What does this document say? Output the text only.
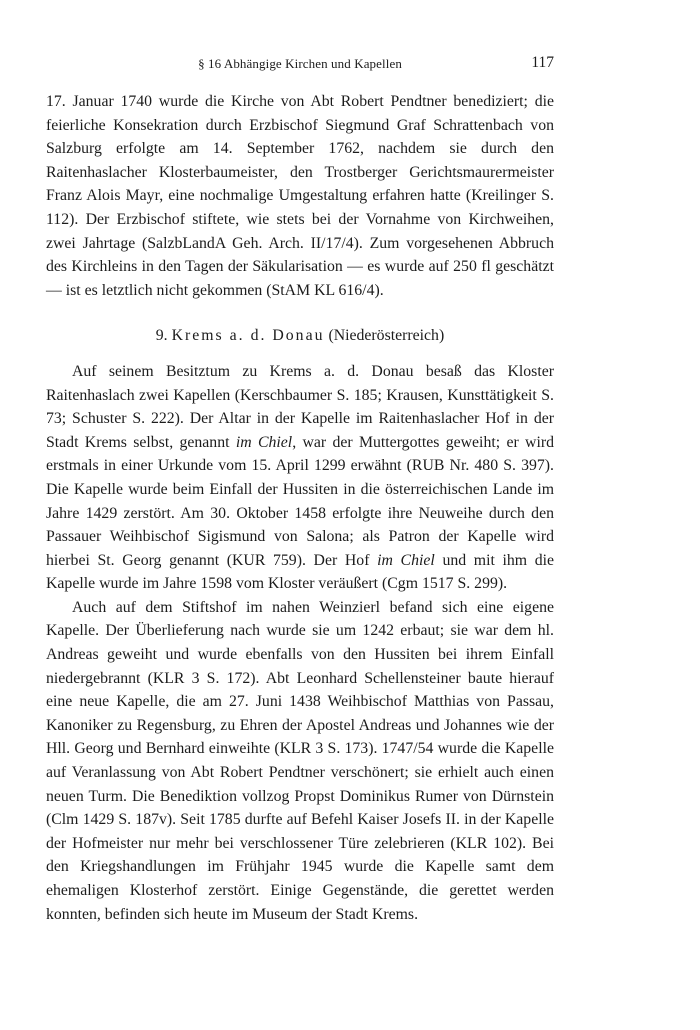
§ 16 Abhängige Kirchen und Kapellen	117

17. Januar 1740 wurde die Kirche von Abt Robert Pendtner benediziert; die feierliche Konsekration durch Erzbischof Siegmund Graf Schrattenbach von Salzburg erfolgte am 14. September 1762, nachdem sie durch den Raitenhaslacher Klosterbaumeister, den Trostberger Gerichtsmaurermeister Franz Alois Mayr, eine nochmalige Umgestaltung erfahren hatte (Kreilinger S. 112). Der Erzbischof stiftete, wie stets bei der Vornahme von Kirchweihen, zwei Jahrtage (SalzbLandA Geh. Arch. II/17/4). Zum vorgesehenen Abbruch des Kirchleins in den Tagen der Säkularisation — es wurde auf 250 fl geschätzt — ist es letztlich nicht gekommen (StAM KL 616/4).

9. Krems a. d. Donau (Niederösterreich)

Auf seinem Besitztum zu Krems a. d. Donau besaß das Kloster Raitenhaslach zwei Kapellen (Kerschbaumer S. 185; Krausen, Kunsttätigkeit S. 73; Schuster S. 222). Der Altar in der Kapelle im Raitenhaslacher Hof in der Stadt Krems selbst, genannt im Chiel, war der Muttergottes geweiht; er wird erstmals in einer Urkunde vom 15. April 1299 erwähnt (RUB Nr. 480 S. 397). Die Kapelle wurde beim Einfall der Hussiten in die österreichischen Lande im Jahre 1429 zerstört. Am 30. Oktober 1458 erfolgte ihre Neuweihe durch den Passauer Weihbischof Sigismund von Salona; als Patron der Kapelle wird hierbei St. Georg genannt (KUR 759). Der Hof im Chiel und mit ihm die Kapelle wurde im Jahre 1598 vom Kloster veräußert (Cgm 1517 S. 299).

Auch auf dem Stiftshof im nahen Weinzierl befand sich eine eigene Kapelle. Der Überlieferung nach wurde sie um 1242 erbaut; sie war dem hl. Andreas geweiht und wurde ebenfalls von den Hussiten bei ihrem Einfall niedergebrannt (KLR 3 S. 172). Abt Leonhard Schellensteiner baute hierauf eine neue Kapelle, die am 27. Juni 1438 Weihbischof Matthias von Passau, Kanoniker zu Regensburg, zu Ehren der Apostel Andreas und Johannes wie der Hll. Georg und Bernhard einweihte (KLR 3 S. 173). 1747/54 wurde die Kapelle auf Veranlassung von Abt Robert Pendtner verschönert; sie erhielt auch einen neuen Turm. Die Benediktion vollzog Propst Dominikus Rumer von Dürnstein (Clm 1429 S. 187v). Seit 1785 durfte auf Befehl Kaiser Josefs II. in der Kapelle der Hofmeister nur mehr bei verschlossener Türe zelebrieren (KLR 102). Bei den Kriegshandlungen im Frühjahr 1945 wurde die Kapelle samt dem ehemaligen Klosterhof zerstört. Einige Gegenstände, die gerettet werden konnten, befinden sich heute im Museum der Stadt Krems.
